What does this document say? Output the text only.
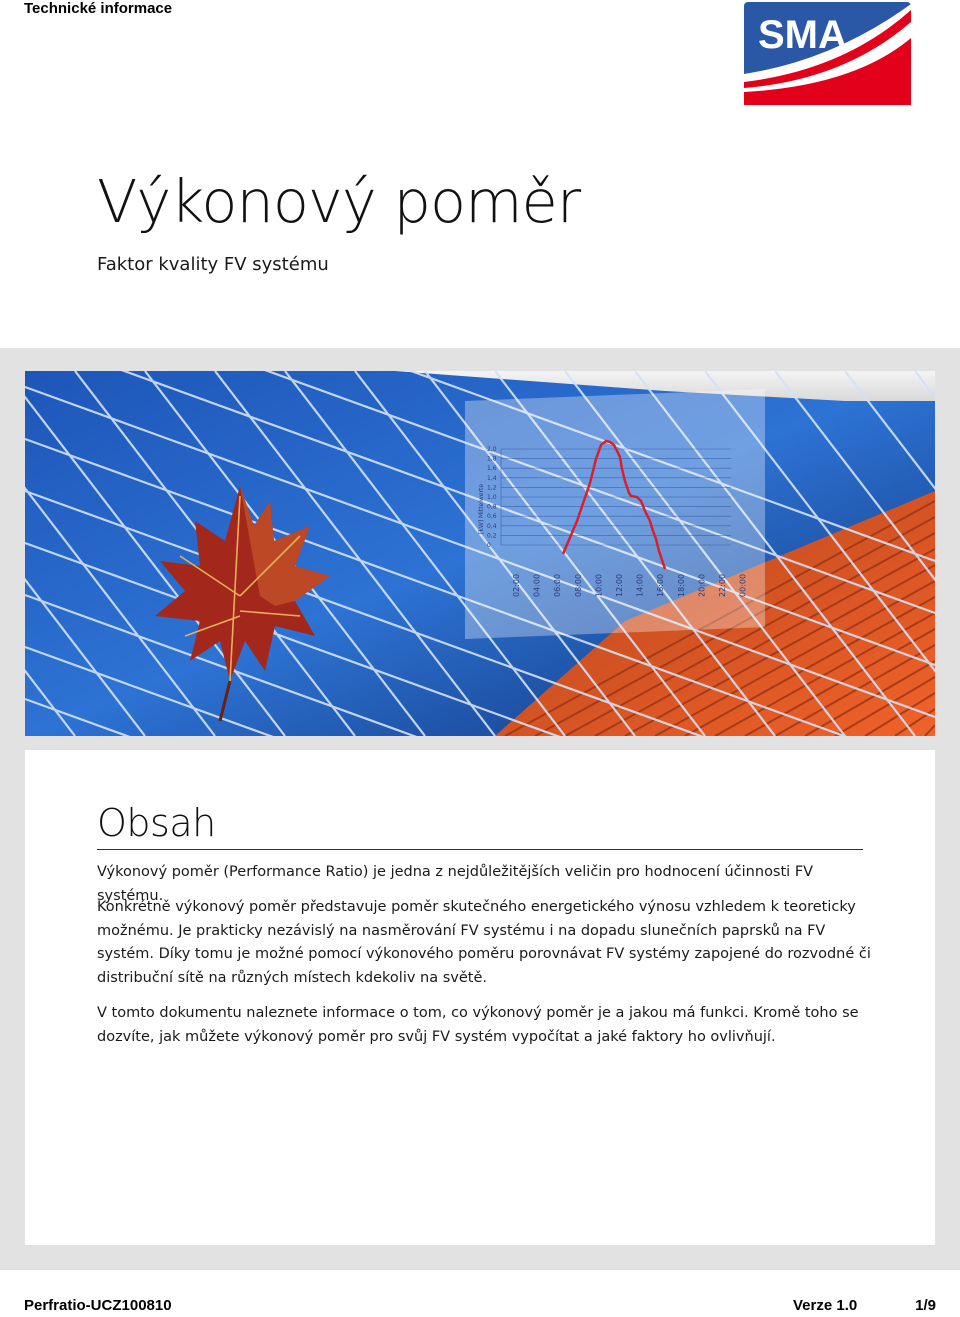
Technické informace
SMA
Výkonový poměr
Faktor kvality FV systému
[kW] Mittelwerte
2,0
1,8
1,6
1,4
1,2
1,0
0,8
0,6
0,4
0,2
0
02:00 04:00 06:00 08:00 10:00 12:00 14:00 16:00 18:00 20:00 22:00 00:00
Obsah

Výkonový poměr (Performance Ratio) je jedna z nejdůležitějších veličin pro hodnocení účinnosti FV systému.

Konkrétně výkonový poměr představuje poměr skutečného energetického výnosu vzhledem k teoreticky možnému. Je prakticky nezávislý na nasměrování FV systému i na dopadu slunečních paprsků na FV systém. Díky tomu je možné pomocí výkonového poměru porovnávat FV systémy zapojené do rozvodné či distribuční sítě na různých místech kdekoliv na světě.

V tomto dokumentu naleznete informace o tom, co výkonový poměr je a jakou má funkci. Kromě toho se dozvíte, jak můžete výkonový poměr pro svůj FV systém vypočítat a jaké faktory ho ovlivňují.

Perfratio-UCZ100810	Verze 1.0	1/9
